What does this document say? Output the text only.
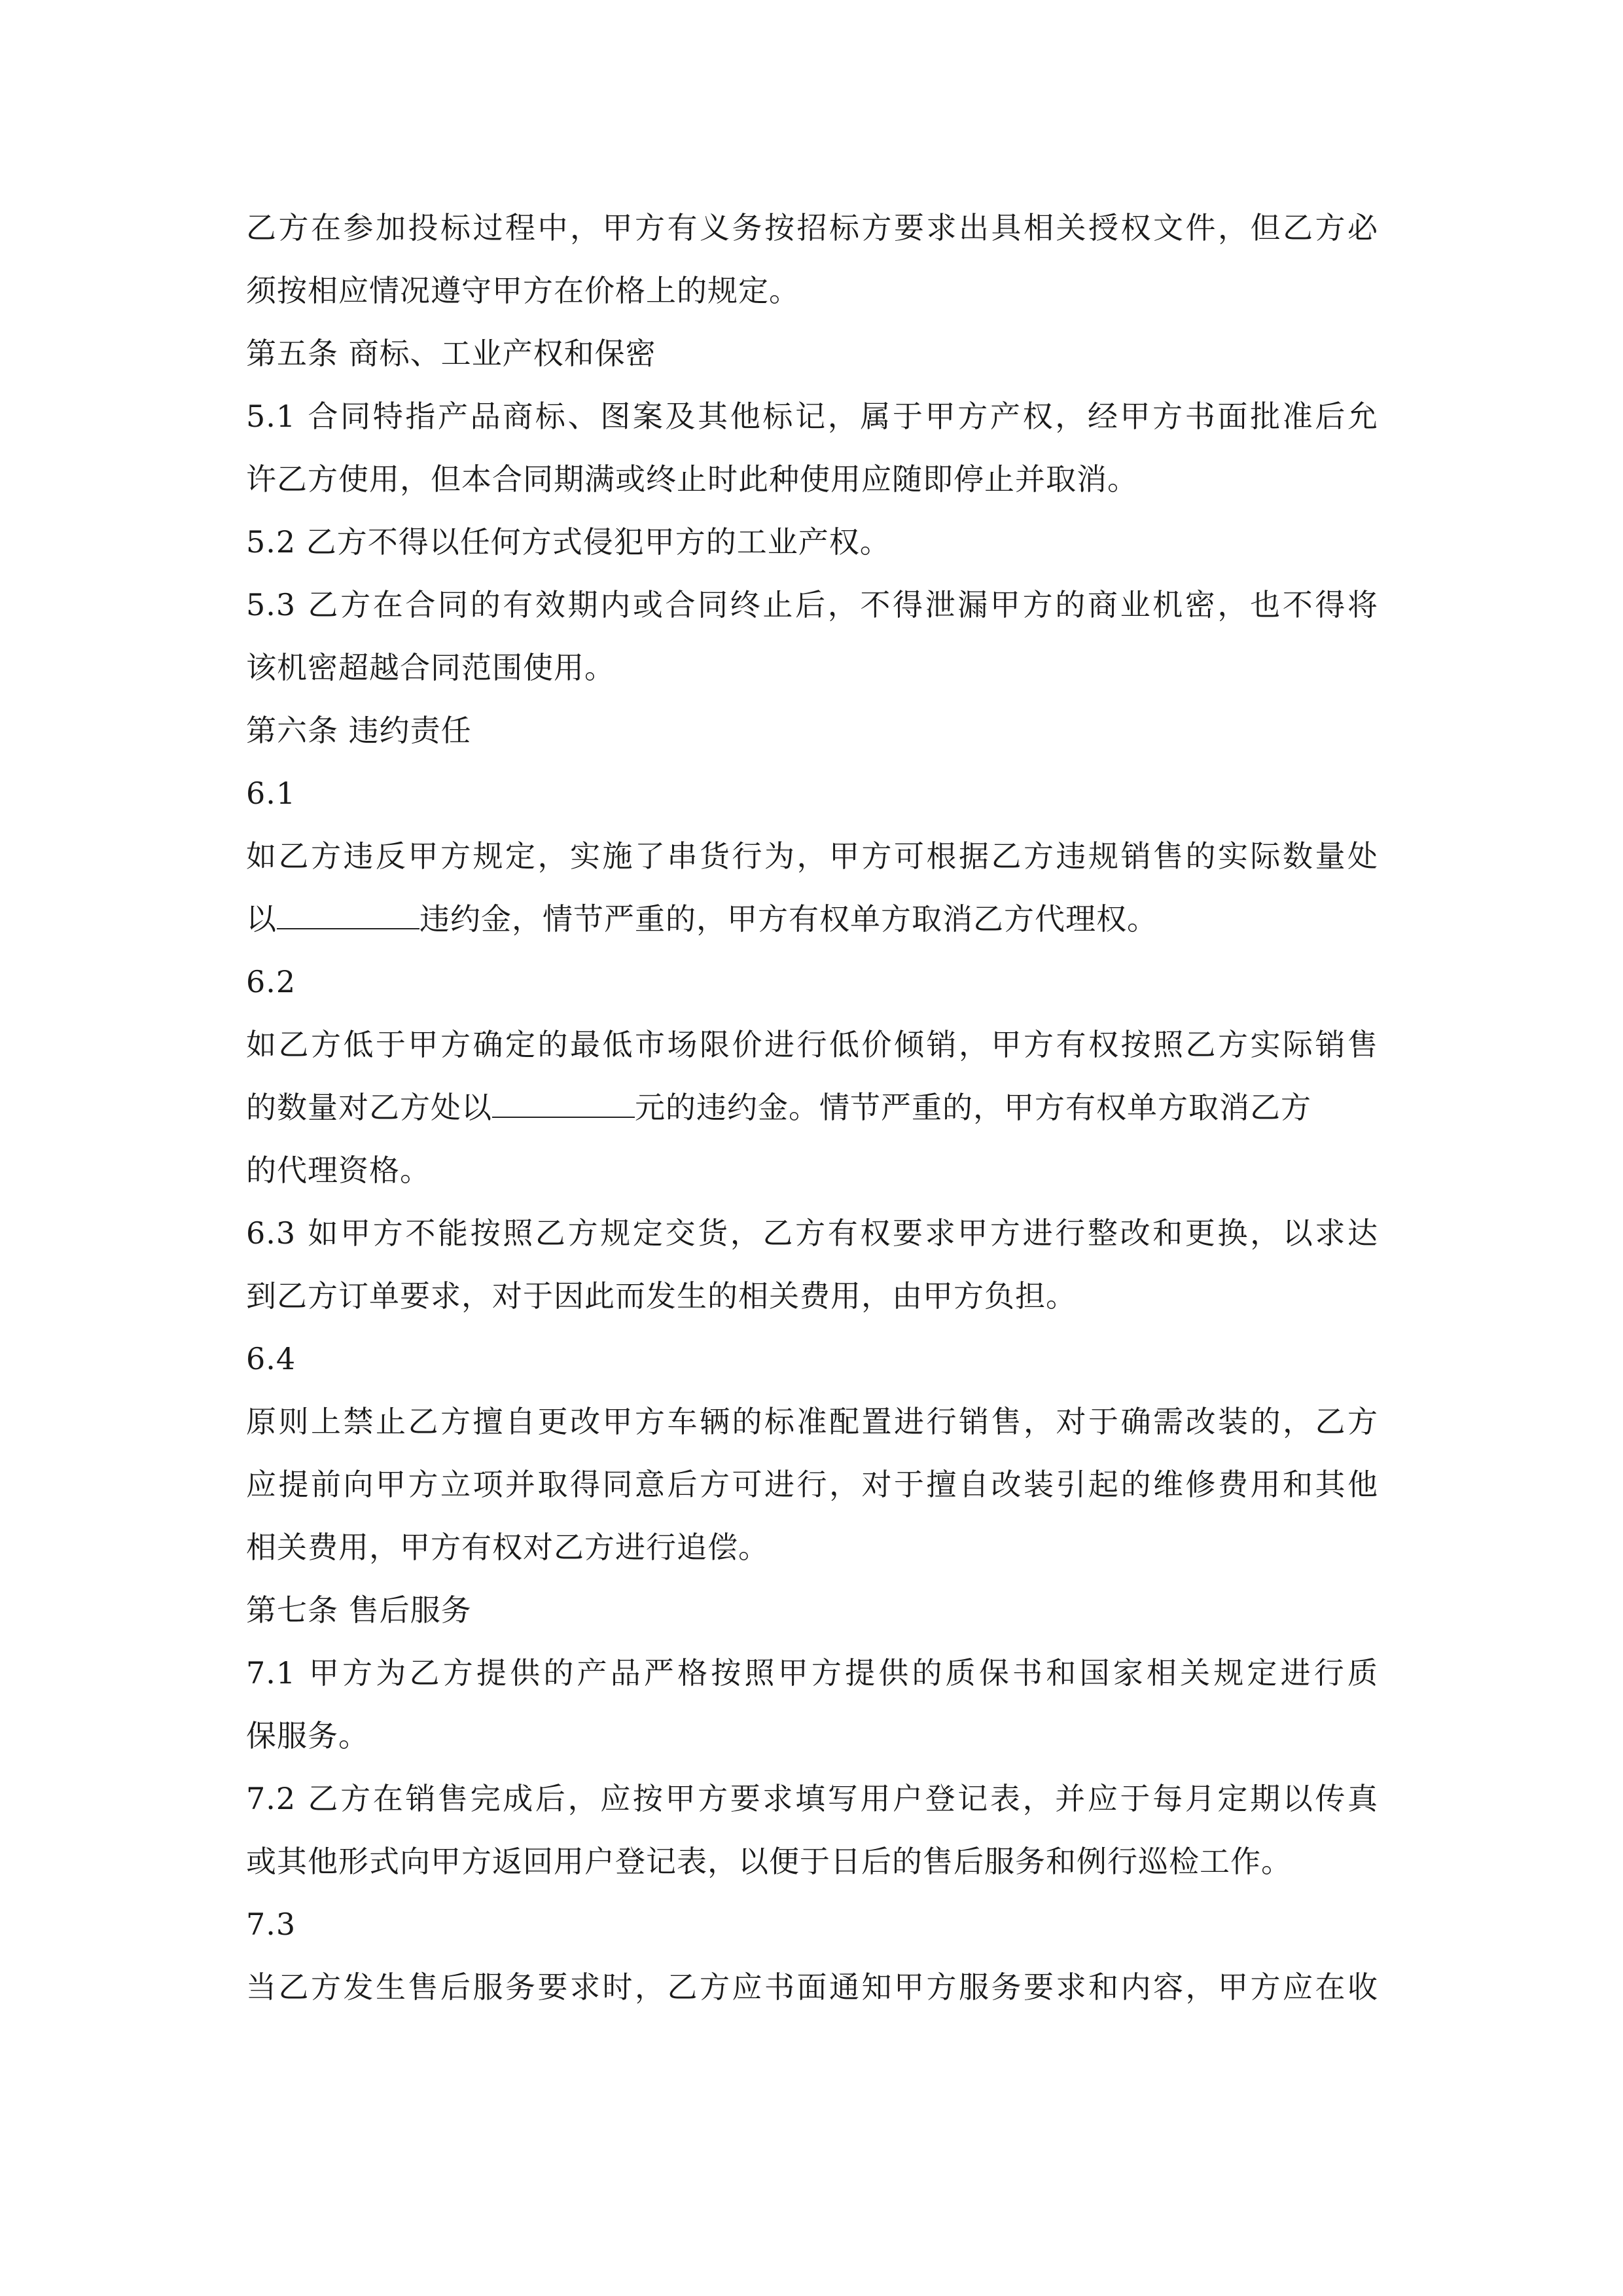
乙方在参加投标过程中，甲方有义务按招标方要求出具相关授权文件，但乙方必
须按相应情况遵守甲方在价格上的规定。
第五条 商标、工业产权和保密
5.1 合同特指产品商标、图案及其他标记，属于甲方产权，经甲方书面批准后允
许乙方使用，但本合同期满或终止时此种使用应随即停止并取消。
5.2 乙方不得以任何方式侵犯甲方的工业产权。
5.3 乙方在合同的有效期内或合同终止后，不得泄漏甲方的商业机密，也不得将
该机密超越合同范围使用。
第六条 违约责任
6.1
如乙方违反甲方规定，实施了串货行为，甲方可根据乙方违规销售的实际数量处
以	违约金，情节严重的，甲方有权单方取消乙方代理权。
6.2
如乙方低于甲方确定的最低市场限价进行低价倾销，甲方有权按照乙方实际销售
的数量对乙方处以	元的违约金。情节严重的，甲方有权单方取消乙方
的代理资格。
6.3 如甲方不能按照乙方规定交货，乙方有权要求甲方进行整改和更换，以求达
到乙方订单要求，对于因此而发生的相关费用，由甲方负担。
6.4
原则上禁止乙方擅自更改甲方车辆的标准配置进行销售，对于确需改装的，乙方
应提前向甲方立项并取得同意后方可进行，对于擅自改装引起的维修费用和其他
相关费用，甲方有权对乙方进行追偿。
第七条 售后服务
7.1 甲方为乙方提供的产品严格按照甲方提供的质保书和国家相关规定进行质
保服务。
7.2 乙方在销售完成后，应按甲方要求填写用户登记表，并应于每月定期以传真
或其他形式向甲方返回用户登记表，以便于日后的售后服务和例行巡检工作。
7.3
当乙方发生售后服务要求时，乙方应书面通知甲方服务要求和内容，甲方应在收
